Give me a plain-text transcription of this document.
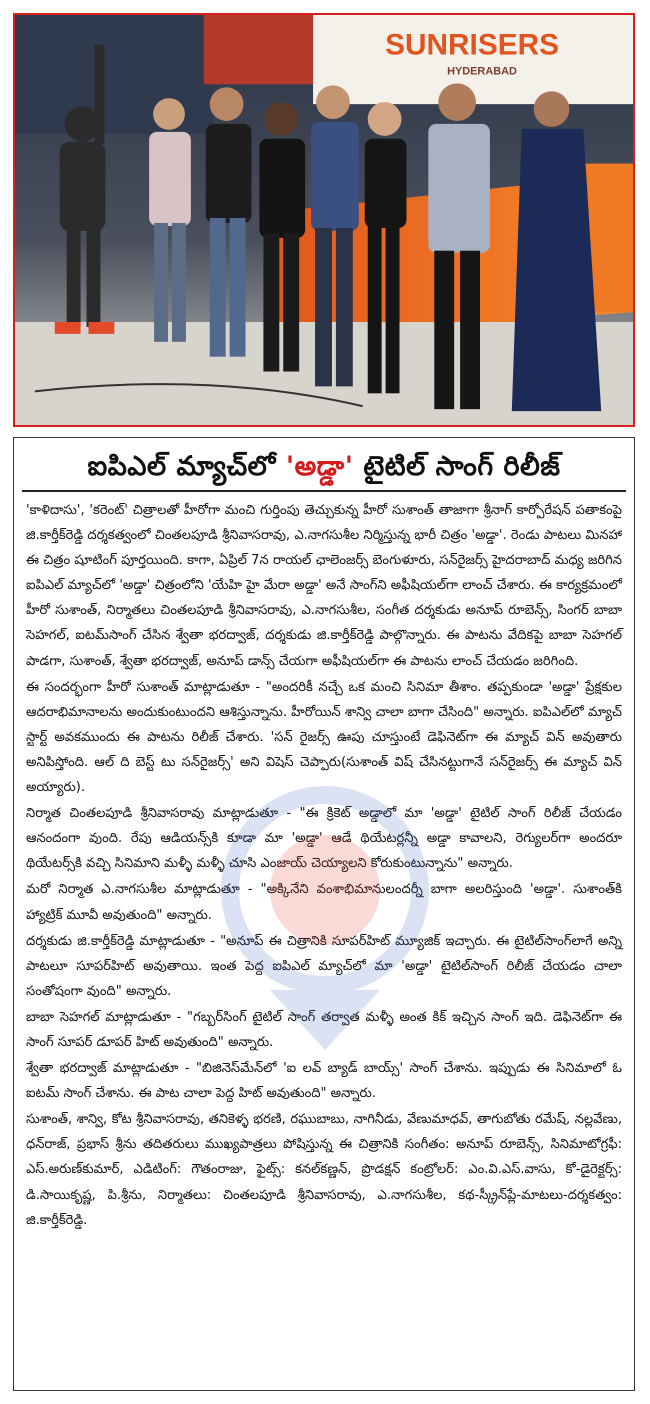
SUNRISERS
HYDERABAD
ఐపిఎల్ మ్యాచ్‌లో 'అడ్డా' టైటిల్ సాంగ్ రిలీజ్

'కాళిదాసు', 'కరెంట్' చిత్రాలతో హీరోగా మంచి గుర్తింపు తెచ్చుకున్న హీరో సుశాంత్ తాజాగా శ్రీనాగ్ కార్పోరేషన్ పతాకంపై జి.కార్తీక్‌రెడ్డి దర్శకత్వంలో చింతలపూడి శ్రీనివాసరావు, ఎ.నాగసుశీల నిర్మిస్తున్న భారీ చిత్రం 'అడ్డా'. రెండు పాటలు మినహా ఈ చిత్రం షూటింగ్ పూర్తయింది. కాగా, ఏప్రిల్ 7న రాయల్ ఛాలెంజర్స్ బెంగుళూరు, సన్‌రైజర్స్ హైదరాబాద్ మధ్య జరిగిన ఐపిఎల్ మ్యాచ్‌లో 'అడ్డా' చిత్రంలోని 'యేహి హై మేరా అడ్డా' అనే సాంగ్‌ని అఫీషియల్‌గా లాంచ్ చేశారు. ఈ కార్యక్రమంలో హీరో సుశాంత్, నిర్మాతలు చింతలపూడి శ్రీనివాసరావు, ఎ.నాగసుశీల, సంగీత దర్శకుడు అనూప్ రూబెన్స్, సింగర్ బాబా సెహగల్, ఐటమ్‌సాంగ్ చేసిన శ్వేతా భరద్వాజ్, దర్శకుడు జి.కార్తీక్‌రెడ్డి పాల్గొన్నారు. ఈ పాటను వేదికపై బాబా సెహగల్ పాడగా, సుశాంత్, శ్వేతా భరద్వాజ్, అనూప్ డాన్స్ చేయగా అఫీషియల్‌గా ఈ పాటను లాంచ్ చేయడం జరిగింది.

ఈ సందర్భంగా హీరో సుశాంత్ మాట్లాడుతూ - "అందరికీ నచ్చే ఒక మంచి సినిమా తీశాం. తప్పకుండా 'అడ్డా' ప్రేక్షకుల ఆదరాభిమానాలను అందుకుంటుందని ఆశిస్తున్నాను. హీరోయిన్ శాన్వి చాలా బాగా చేసింది" అన్నారు. ఐపిఎల్‌లో మ్యాచ్ స్టార్ట్ అవకముందు ఈ పాటను రిలీజ్ చేశారు. 'సన్ రైజర్స్ ఊపు చూస్తుంటే డెఫినెట్‌గా ఈ మ్యాచ్ విన్ అవుతారు అనిపిస్తోంది. ఆల్ ది బెస్ట్ టు సన్‌రైజర్స్' అని విషెస్ చెప్పారు(సుశాంత్ విష్ చేసినట్టుగానే సన్‌రైజర్స్ ఈ మ్యాచ్ విన్ అయ్యారు).

నిర్మాత చింతలపూడి శ్రీనివాసరావు మాట్లాడుతూ - "ఈ క్రికెట్ అడ్డాలో మా 'అడ్డా' టైటిల్ సాంగ్ రిలీజ్ చేయడం ఆనందంగా వుంది. రేపు ఆడియన్స్‌కి కూడా మా 'అడ్డా' ఆడే థియేటర్లన్నీ అడ్డా కావాలని, రెగ్యులర్‌గా అందరూ థియేటర్స్‌కి వచ్చి సినిమాని మళ్ళీ మళ్ళీ చూసి ఎంజాయ్ చెయ్యాలని కోరుకుంటున్నాను" అన్నారు.

మరో నిర్మాత ఎ.నాగసుశీల మాట్లాడుతూ - "అక్కినేని వంశాభిమానులందర్నీ బాగా అలరిస్తుంది 'అడ్డా'. సుశాంత్‌కి హ్యాట్రిక్ మూవీ అవుతుంది" అన్నారు.

దర్శకుడు జి.కార్తీక్‌రెడ్డి మాట్లాడుతూ - "అనూప్ ఈ చిత్రానికి సూపర్‌హిట్ మ్యూజిక్ ఇచ్చారు. ఈ టైటిల్‌సాంగ్‌లాగే అన్ని పాటలూ సూపర్‌హిట్ అవుతాయి. ఇంత పెద్ద ఐపిఎల్ మ్యాచ్‌లో మా 'అడ్డా' టైటిల్‌సాంగ్ రిలీజ్ చేయడం చాలా సంతోషంగా వుంది" అన్నారు.

బాబా సెహగల్ మాట్లాడుతూ - "గబ్బర్‌సింగ్ టైటిల్ సాంగ్ తర్వాత మళ్ళీ అంత కిక్ ఇచ్చిన సాంగ్ ఇది. డెఫినెట్‌గా ఈ సాంగ్ సూపర్ డూపర్ హిట్ అవుతుంది" అన్నారు.

శ్వేతా భరద్వాజ్ మాట్లాడుతూ - "బిజినెస్‌మేన్‌లో 'ఐ లవ్ బ్యాడ్ బాయ్స్' సాంగ్ చేశాను. ఇప్పుడు ఈ సినిమాలో ఓ ఐటమ్ సాంగ్ చేశాను. ఈ పాట చాలా పెద్ద హిట్ అవుతుంది" అన్నారు.

సుశాంత్, శాన్వి, కోట శ్రీనివాసరావు, తనికెళ్ళ భరణి, రఘుబాబు, నాగినీడు, వేణుమాధవ్, తాగుబోతు రమేష్, నల్లవేణు, ధన్‌రాజ్, ప్రభాస్ శ్రీను తదితరులు ముఖ్యపాత్రలు పోషిస్తున్న ఈ చిత్రానికి సంగీతం: అనూప్ రూబెన్స్, సినిమాటోగ్రఫీ: ఎస్.అరుణ్‌కుమార్, ఎడిటింగ్: గౌతంరాజు, ఫైట్స్: కనల్‌కణ్ణన్, ప్రొడక్షన్ కంట్రోలర్: ఎం.వి.ఎస్.వాసు, కో-డైరెక్టర్స్: డి.సాయికృష్ణ, పి.శ్రీను, నిర్మాతలు: చింతలపూడి శ్రీనివాసరావు, ఎ.నాగసుశీల, కథ-స్క్రీన్‌ప్లే-మాటలు-దర్శకత్వం: జి.కార్తీక్‌రెడ్డి.
